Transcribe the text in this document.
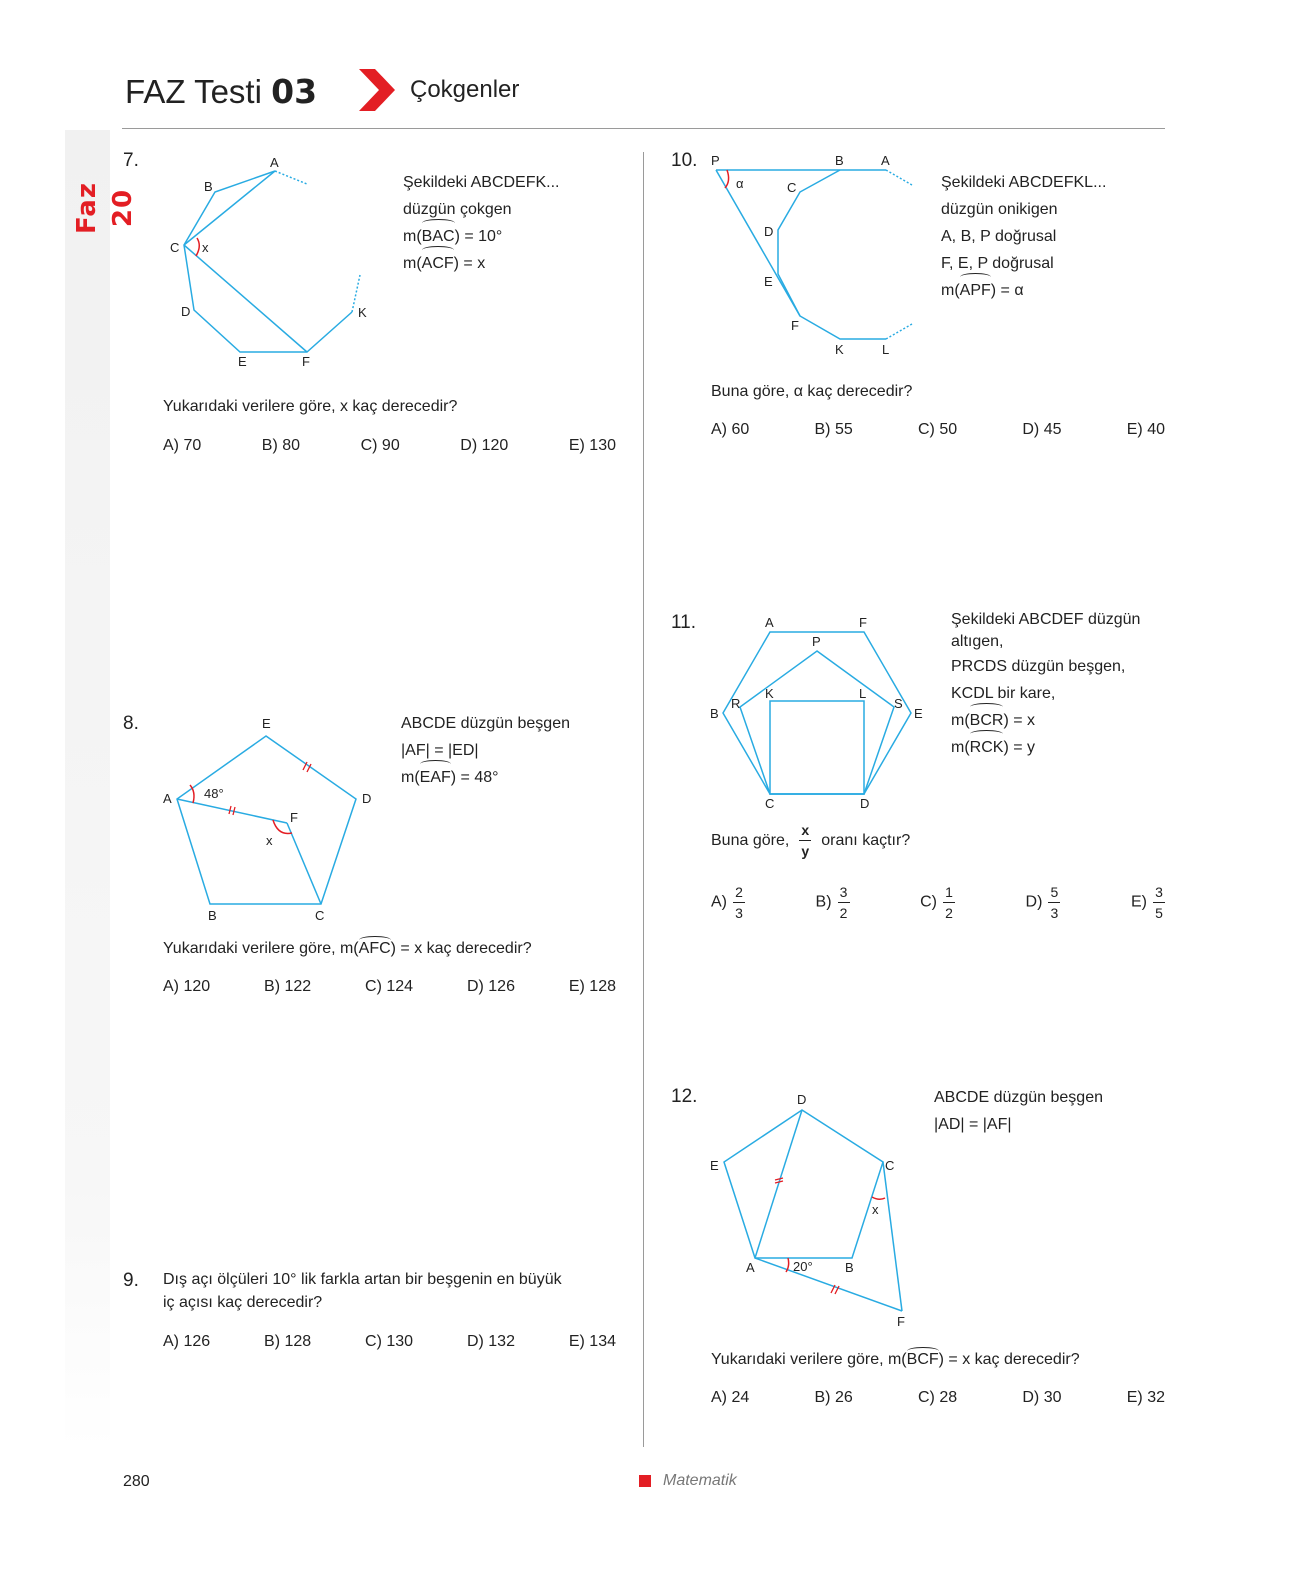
Faz 20
FAZ Testi 03	Çokgenler
7.	A
B
C x
D
E	F
K
Şekildeki ABCDEFK...
düzgün çokgen
m(BAC) = 10°
m(ACF) = x
Yukarıdaki verilere göre, x kaç derecedir?
A) 70	B) 80	C) 90	D) 120	E) 130
8.	E
D
A 48°
F
x
B	C
ABCDE düzgün beşgen
|AF| = |ED|
m(EAF) = 48°
Yukarıdaki verilere göre, m(AFC) = x kaç derecedir?
A) 120	B) 122	C) 124	D) 126	E) 128
9. Dış açı ölçüleri 10° lik farkla artan bir beşgenin en büyük
iç açısı kaç derecedir?
A) 126	B) 128	C) 130	D) 132	E) 134
10. P	B	A
α	C
D
E
F
K	L
Şekildeki ABCDEFKL...
düzgün onikigen
A, B, P doğrusal
F, E, P doğrusal
m(APF) = α
Buna göre, α kaç derecedir?
A) 60	B) 55	C) 50	D) 45	E) 40
11.	A	F
P
B
R
K	L
S
E
C	D
Şekildeki ABCDEF düzgün
altıgen,
PRCDS düzgün beşgen,
KCDL bir kare,
m(BCR) = x
m(RCK) = y
Buna göre, $\frac{x}{y}$ oranı kaçtır?
$A) \frac{2}{3}$	$B) \frac{3}{2}$	$C) \frac{1}{2}$	$D) \frac{5}{3}$	$E) \frac{3}{5}$
12.	D
E	C
x
A	20° B
F
ABCDE düzgün beşgen
|AD| = |AF|
Yukarıdaki verilere göre, m(BCF) = x kaç derecedir?
A) 24	B) 26	C) 28	D) 30	E) 32
280	Matematik
